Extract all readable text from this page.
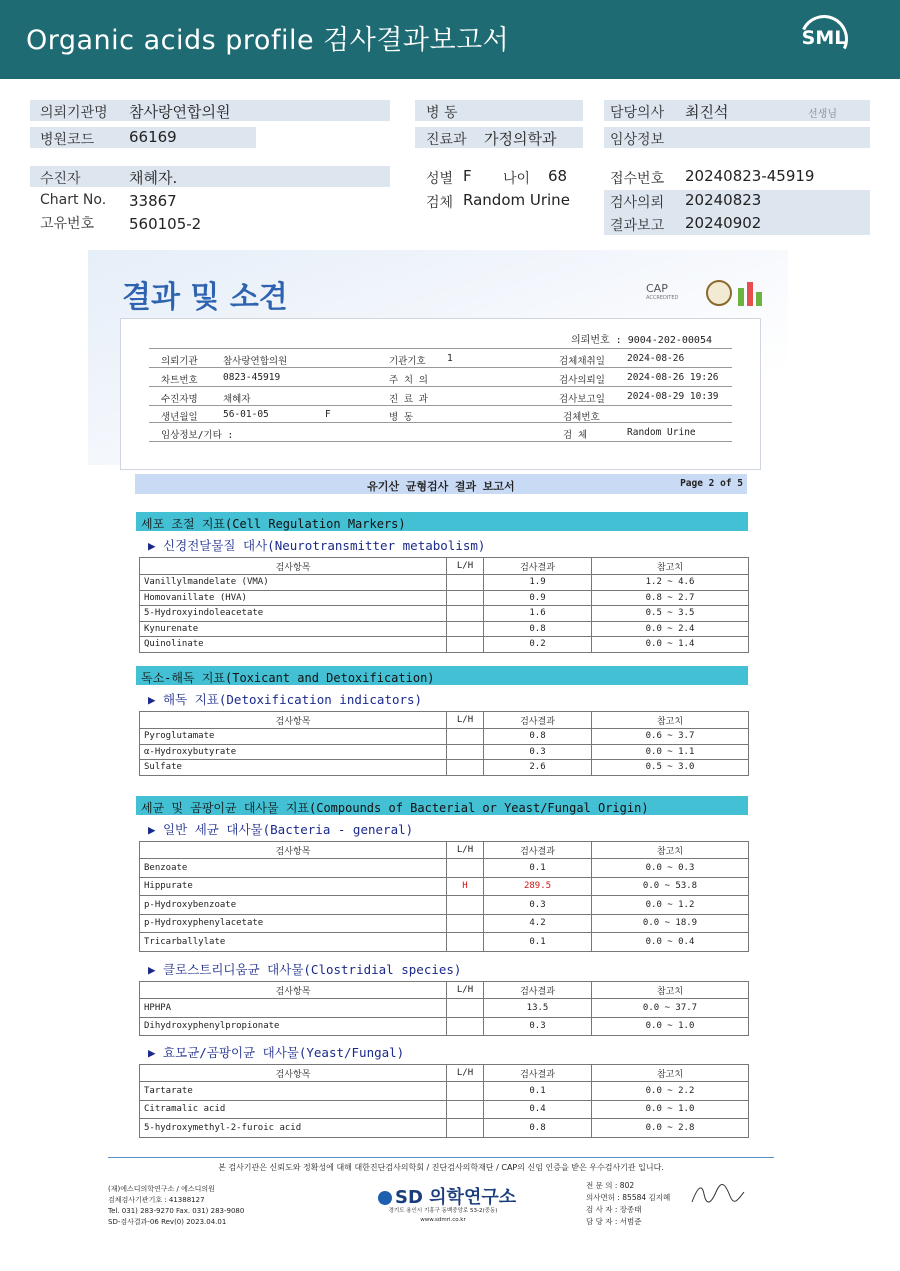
Organic acids profile 검사결과보고서	SML
의뢰기관명 참사랑연합의원
병원코드 66169
병 동
진료과 가정의학과
담당의사 최진석	선생님
임상정보
수진자	채혜자.
Chart No. 33867
고유번호 560105-2
성별 F 나이 68
검체 Random Urine
접수번호 20240823-45919
검사의뢰 20240823
결과보고 20240902
결과 및 소견	CAP
ACCREDITED
의뢰번호 : 9004-202-00054
의뢰기관	참사랑연합의원	기관기호 1	검체채취일 2024-08-26
차트번호	0823-45919	주 치 의	검사의뢰일 2024-08-26 19:26
수진자명	채혜자	진 료 과	검사보고일 2024-08-29 10:39
생년월일	56-01-05	F	병 동	검체번호
임상정보/기타 :	검 체	Random Urine
유기산 균형검사 결과 보고서	Page 2 of 5
세포 조절 지표(Cell Regulation Markers)
▶ 신경전달물질 대사(Neurotransmitter metabolism)
검사항목	L/H	검사결과	참고치
Vanillylmandelate (VMA)		1.9	1.2 ~ 4.6
Homovanillate (HVA)		0.9	0.8 ~ 2.7
5-Hydroxyindoleacetate		1.6	0.5 ~ 3.5
Kynurenate		0.8	0.0 ~ 2.4
Quinolinate		0.2	0.0 ~ 1.4
독소-해독 지표(Toxicant and Detoxification)
▶ 해독 지표(Detoxification indicators)
검사항목	L/H	검사결과	참고치
Pyroglutamate		0.8	0.6 ~ 3.7
α-Hydroxybutyrate		0.3	0.0 ~ 1.1
Sulfate		2.6	0.5 ~ 3.0
세균 및 곰팡이균 대사물 지표(Compounds of Bacterial or Yeast/Fungal Origin)
▶ 일반 세균 대사물(Bacteria - general)
검사항목	L/H	검사결과	참고치
Benzoate		0.1	0.0 ~ 0.3
Hippurate	H	289.5	0.0 ~ 53.8
p-Hydroxybenzoate		0.3	0.0 ~ 1.2
p-Hydroxyphenylacetate		4.2	0.0 ~ 18.9
Tricarballylate		0.1	0.0 ~ 0.4
▶ 클로스트리디움균 대사물(Clostridial species)
검사항목	L/H	검사결과	참고치
HPHPA		13.5	0.0 ~ 37.7
Dihydroxyphenylpropionate		0.3	0.0 ~ 1.0
▶ 효모균/곰팡이균 대사물(Yeast/Fungal)
검사항목	L/H	검사결과	참고치
Tartarate		0.1	0.0 ~ 2.2
Citramalic acid		0.4	0.0 ~ 1.0
5-hydroxymethyl-2-furoic acid		0.8	0.0 ~ 2.8
본 검사기관은 신뢰도와 정확성에 대해 대한진단검사의학회 / 진단검사의학재단 / CAP의 신임 인증을 받은 우수검사기관 입니다.
(재)에스디의학연구소 / 에스디의원
검체검사기관기호 : 41388127
Tel. 031) 283-9270 Fax. 031) 283-9080
SD-검사결과-06 Rev(0) 2023.04.01
SD 의학연구소
경기도 용인시 기흥구 동백중앙로 53-2(중동)
www.sdmri.co.kr
전 문 의 : 802
의사면허 : 85584 김지혜
검 사 자 : 장종태
담 당 자 : 서범준
